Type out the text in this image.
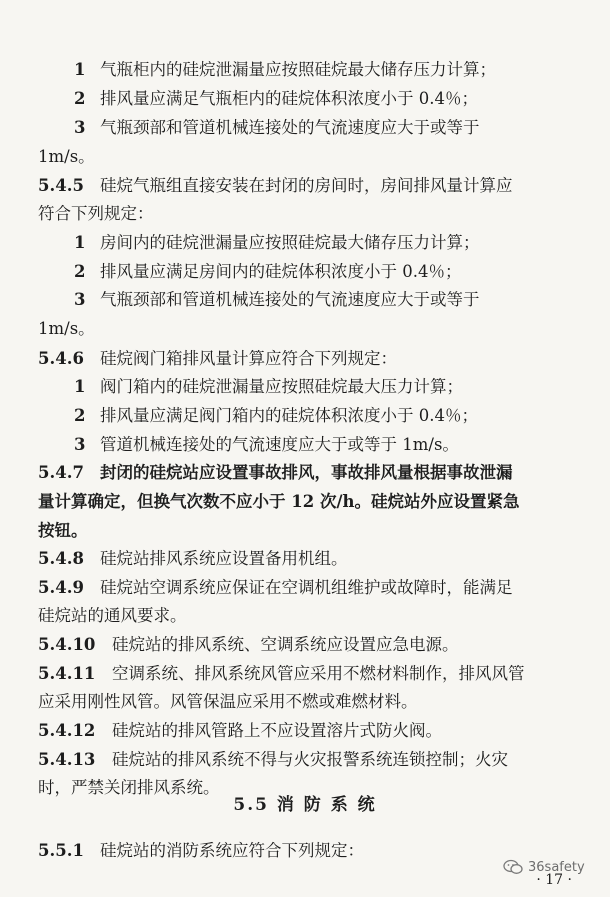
1 气瓶柜内的硅烷泄漏量应按照硅烷最大储存压力计算；
2 排风量应满足气瓶柜内的硅烷体积浓度小于 0.4％；
3 气瓶颈部和管道机械连接处的气流速度应大于或等于
1m/s。
5.4.5 硅烷气瓶组直接安装在封闭的房间时，房间排风量计算应
符合下列规定：
1 房间内的硅烷泄漏量应按照硅烷最大储存压力计算；
2 排风量应满足房间内的硅烷体积浓度小于 0.4％；
3 气瓶颈部和管道机械连接处的气流速度应大于或等于
1m/s。
5.4.6 硅烷阀门箱排风量计算应符合下列规定：
1 阀门箱内的硅烷泄漏量应按照硅烷最大压力计算；
2 排风量应满足阀门箱内的硅烷体积浓度小于 0.4％；
3 管道机械连接处的气流速度应大于或等于 1m/s。
5.4.7 封闭的硅烷站应设置事故排风，事故排风量根据事故泄漏
量计算确定，但换气次数不应小于 12 次/h。硅烷站外应设置紧急
按钮。
5.4.8 硅烷站排风系统应设置备用机组。
5.4.9 硅烷站空调系统应保证在空调机组维护或故障时，能满足
硅烷站的通风要求。
5.4.10 硅烷站的排风系统、空调系统应设置应急电源。
5.4.11 空调系统、排风系统风管应采用不燃材料制作，排风风管
应采用刚性风管。风管保温应采用不燃或难燃材料。
5.4.12 硅烷站的排风管路上不应设置溶片式防火阀。
5.4.13 硅烷站的排风系统不得与火灾报警系统连锁控制；火灾
时，严禁关闭排风系统。
· 17 ·
36safety
5.5 消 防 系 统
5.5.1 硅烷站的消防系统应符合下列规定：
